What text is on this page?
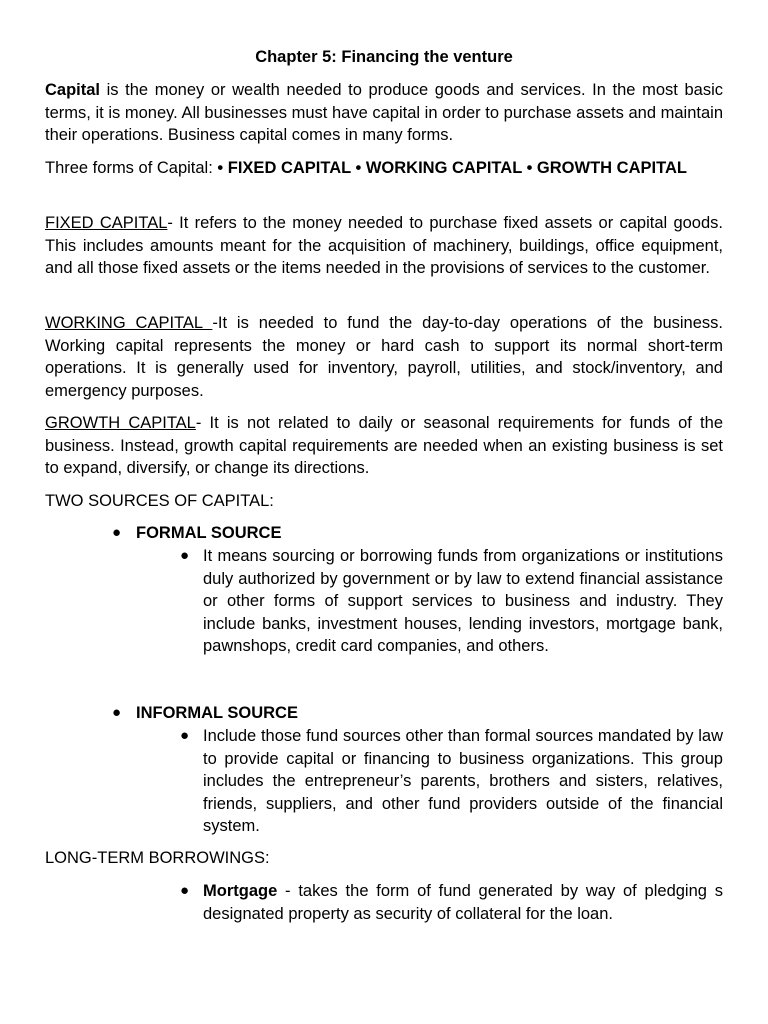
Chapter 5: Financing the venture

Capital is the money or wealth needed to produce goods and services. In the most basic terms, it is money. All businesses must have capital in order to purchase assets and maintain their operations. Business capital comes in many forms.

Three forms of Capital: • FIXED CAPITAL • WORKING CAPITAL • GROWTH CAPITAL

FIXED CAPITAL- It refers to the money needed to purchase fixed assets or capital goods. This includes amounts meant for the acquisition of machinery, buildings, office equipment, and all those fixed assets or the items needed in the provisions of services to the customer.

WORKING CAPITAL -It is needed to fund the day-to-day operations of the business. Working capital represents the money or hard cash to support its normal short-term operations. It is generally used for inventory, payroll, utilities, and stock/inventory, and emergency purposes.

GROWTH CAPITAL- It is not related to daily or seasonal requirements for funds of the business. Instead, growth capital requirements are needed when an existing business is set to expand, diversify, or change its directions.

TWO SOURCES OF CAPITAL:

● FORMAL SOURCE
● It means sourcing or borrowing funds from organizations or institutions duly authorized by government or by law to extend financial assistance or other forms of support services to business and industry. They include banks, investment houses, lending investors, mortgage bank, pawnshops, credit card companies, and others.
● INFORMAL SOURCE
● Include those fund sources other than formal sources mandated by law to provide capital or financing to business organizations. This group includes the entrepreneur’s parents, brothers and sisters, relatives, friends, suppliers, and other fund providers outside of the financial system.

LONG-TERM BORROWINGS:

● Mortgage - takes the form of fund generated by way of pledging s designated property as security of collateral for the loan.
